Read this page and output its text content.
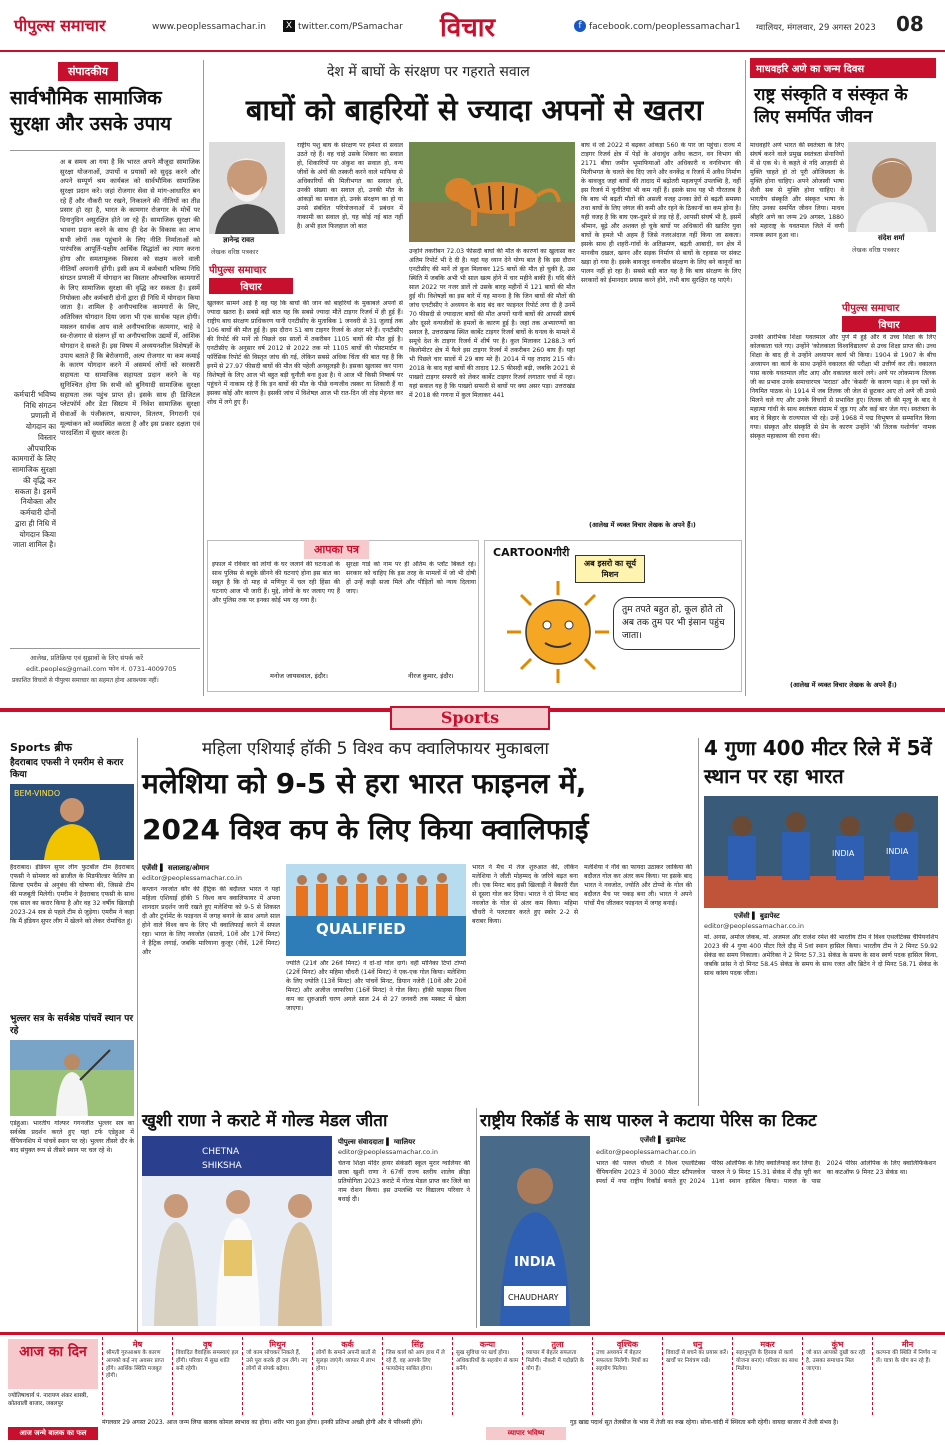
पीपुल्स समाचार	www.peoplessamachar.in	X twitter.com/PSamachar विचार	f facebook.com/peoplessamachar1 ग्वालियर, मंगलवार, 29 अगस्त 2023 08
संपादकीय
सार्वभौमिक सामाजिक सुरक्षा और उसके उपाय
अ ब समय आ गया है कि भारत अपने मौजूदा सामाजिक सुरक्षा योजनाओं, उपायों व प्रयासों को सुदृढ़ करने और अपने सम्पूर्ण श्रम कार्यबल को सार्वभौमिक सामाजिक सुरक्षा प्रदान करे। जहां रोजगार सेवा से मांग-आधारित बन रहे हैं और नौकरी पर रखने, निकालने की नीतियों का तीव्र प्रसार हो रहा है, भारत के कामगार रोजगार के मोर्चे पर दिनानुदिन असुरक्षित होते जा रहे हैं। सामाजिक सुरक्षा की भावना प्रदान करने के साथ ही देश के विकास का लाभ सभी लोगों तक पहुंचाने के लिए नीति निर्माताओं को पारंपरिक आपूर्ति-पक्षीय आर्थिक सिद्धांतों का त्याग करना होगा और समतामूलक विकास को सक्षम करने वाली नीतियाँ अपनानी होंगी। इसी क्रम में कर्मचारी भविष्य निधि संगठन प्रणाली में योगदान का विस्तार औपचारिक कामगारों के लिए सामाजिक सुरक्षा की वृद्धि कर सकता है। इसमें नियोक्ता और कर्मचारी दोनों द्वारा ही निधि में योगदान किया जाता है। शामिल है अनौपचारिक कामगारों के लिए, अतिरिक्त योगदान दिया जाना भी एक सार्थक पहल होगी। मसलन सार्थक आय वाले अनौपचारिक कामगार, चाहे वे स्व-रोजगार से संलग्न हों या अनौपचारिक उद्यमों में, आंशिक योगदान दे सकते हैं। इस विषय में अध्ययनशील विशेषज्ञों के उपाय बताते हैं कि बेरोजगारी, अल्प रोजगार या कम कमाई के कारण योगदान करने में असमर्थ लोगों को सरकारी सहायता या सामाजिक सहायता प्रदान करने के यह सुनिश्चित होगा कि सभी को बुनियादी सामाजिक सुरक्षा सहायता तक पहुंच प्राप्त हो। इसके साथ ही डिजिटल प्लेटफॉर्म और डेटा सिस्टम में निवेश सामाजिक सुरक्षा सेवाओं के पंजीकरण, सत्यापन, वितरण, निगरानी एवं मूल्यांकन को व्यवस्थित करता है और इस प्रकार दक्षता एवं पारदर्शिता में सुधार करता है।
कर्मचारी भविष्य निधि संगठन प्रणाली में योगदान का विस्तार औपचारिक कामगारों के लिए सामाजिक सुरक्षा की वृद्धि कर सकता है। इसमें नियोक्ता और कर्मचारी दोनों द्वारा ही निधि में योगदान किया जाता शामिल है।
आलेख, प्रतिक्रिया एवं सुझावों के लिए संपर्क करें
edit.peoples@gmail.com फोन नं. 0731-4009705
प्रकाशित विचारों से पीपुल्स समाचार का सहमत होना आवश्यक नहीं।
देश में बाघों के संरक्षण पर गहराते सवाल
बाघों को बाहरियों से ज्यादा अपनों से खतरा
ज्ञानेन्द्र रावत
लेखक वरिष्ठ पत्रकार
पीपुल्स समाचार
विचार
राष्ट्रीय पशु बाघ के संरक्षण पर हमेशा से सवाल उठते रहे हैं। वह चाहे उसके शिकार का सवाल हो, शिकारियों पर अंकुश का सवाल हो, वन्य जीवों के अंगों की तस्करी करने वाले माफिया से अधिकारियों की मिलीभगत का सवाल हो, उनकी संख्या का सवाल हो, उनकी मौत के आंकड़ों का सवाल हो, उनके संरक्षण का हो या उनसे संबंधित परियोजनाओं में प्रबंधन में नाकामी का सवाल हो, यह कोई नई बात नहीं है। अभी हाल फिलहाल जो बात
खुलकर सामने आई है वह यह कि बाघों की जान को बाहरियों के मुकाबले अपनों से ज्यादा खतरा है। सबसे बड़ी बात यह कि सबसे ज्यादा मौतें टाइगर रिजर्व में ही हुई हैं। राष्ट्रीय बाघ संरक्षण प्राधिकरण यानी एनटीसीए के मुताबिक 1 जनवरी से 31 जुलाई तक 106 बाघों की मौत हुई है। इस दौरान 51 बाघ टाइगर रिजर्व के अंदर मरे हैं। एनटीसीए की रिपोर्ट की मानें तो पिछले दस सालों में तकरीबन 1105 बाघों की मौत हुई है। एनटीसीए के अनुसार वर्ष 2012 से 2022 तक मरे 1105 बाघों की पोस्टमार्टम व फॉरेंसिक रिपोर्ट की विस्तृत जांच की गई, लेकिन सबसे अधिक चिंता की बात यह है कि इनमें से 27.97 फीसदी बाघों की मौत की पहेली अनसुलझी है। इसका खुलासा कर पाना विशेषज्ञों के लिए आज भी बहुत बड़ी चुनौती बना हुआ है। ये आज भी किसी निष्कर्ष पर पहुंचने में नाकाम रहे हैं कि इन बाघों की मौत के पीछे वन्यजीव तस्कर या शिकारी हैं या इसका कोई और कारण है। इसकी जांच में विशेषज्ञ आज भी रात-दिन जी तोड़ मेहनत कर शोध में लगे हुए हैं।
उन्होंने तकरीबन 72.03 फीसदी बाघों की मौत के कारणों का खुलासा कर अंतिम रिपोर्ट भी दे दी है। यहां यह ध्यान देने योग्य बात है कि इस दौरान एनटीसीए की मानें तो कुल मिलाकर 125 बाघों की मौत हो चुकी है, उस स्थिति में जबकि अभी भी साल खत्म होने में चार महीने बाकी हैं। यदि बीते साल 2022 पर नजर डालें तो उसके बारह महीनों में 121 बाघों की मौत हुई थी। विशेषज्ञों का इस बारे में यह मानना है कि जिन बाघों की मौतों की जांच एनटीसीए ने अध्ययन के बाद बंद कर फाइनल रिपोर्ट लगा दी है उनमें 70 फीसदी से ज्यादातर बाघों की मौत अपनों यानी बाघों की आपसी संघर्ष और दूसरे वन्यजीवों के हमलों के कारण हुई है। जहां तक अभ्यारण्यों का सवाल है, उत्तराखण्ड स्थित कार्बेट टाइगर रिजर्व बाघों के घनत्व के मामले में समूचे देश के टाइगर रिजर्व में शीर्ष पर है। कुल मिलाकर 1288.3 वर्ग किलोमीटर क्षेत्र में फैले इस टाइगर रिजर्व में तकरीबन 260 बाघ हैं। यहां भी पिछले चार सालों में 29 बाघ मरे हैं। 2014 में यह तादाद 215 थी। 2018 के बाद यहां बाघों की तादाद 12.5 फीसदी बढ़ी, जबकि 2021 से पाखरो टाइगर सफारी को लेकर कार्बेट टाइगर रिजर्व लगातार चर्चा में रहा। यहां सवाल यह है कि पाखरो सफारी से बाघों पर क्या असर पड़ा। उत्तराखंड में 2018 की गणना में कुल मिलाकर 441
बाघ थे जो 2022 में बढ़कर आंकड़ा 560 के पार जा पहुंचा। राज्य में टाइगर रिजर्व क्षेत्र में पेड़ों के अंधाधुंध अवैध कटान, वन विभाग की 2171 बीघा जमीन भूमाफियाओं और अधिकारी व वनविभाग की मिलीभगत के चलते बेच दिए जाने और वनकेंद्र व रिजर्व में अवैध निर्माण के बावजूद जहां बाघों की तादाद में बढ़ोतरी महत्वपूर्ण उपलब्धि है, वहीं इस रिजर्व में चुनौतियां भी कम नहीं हैं। इसके साथ यह भी गौरतलब है कि बाघ भी बढ़ती मौतों की असली वजह उनका डेरों से बढ़ती समस्या तथा बाघों के लिए जंगल की कमी और रहने के ठिकानों का कम होना है। यही वजह है कि बाघ एक-दूसरे से लड़ रहे हैं, आपसी संघर्ष भी है, इसमें श्रीमान, बूढ़े और अशक्त हो चुके बाघों पर अधिकारों की खातिर युवा बाघों के हमले भी अहम हैं जिसे नजरअंदाज नहीं किया जा सकता। इसके साथ ही शहरी-गांवों के अतिक्रमण, बढ़ती आबादी, वन क्षेत्र में मानवीय दखल, खनन और सड़क निर्माण से बाघों के रहवास पर संकट खड़ा हो गया है। इसके बावजूद वन्यजीव संरक्षण के लिए बने कानूनों का पालन नहीं हो रहा है। सबसे बड़ी बात यह है कि बाघ संरक्षण के लिए सरकारों को ईमानदार प्रयास करने होंगे, तभी बाघ सुरक्षित रह पाएंगे।
(आलेख में व्यक्त विचार लेखक के अपने हैं।)
आपका पत्र
इफाल में रविवार को लोगों के घर जलाने की घटनाओं के साथ पुलिस से बदूके छीनने की घटनाएं होना इस बात का सबूत है कि दो माह से मणिपुर में चल रही हिंसा की घटनाएं आज भी जारी हैं। मुद्दे, लोगों के घर जलाए गए हैं और पुलिस तक पर इनका कोई भय रह गया है।
मनोज जायसवाल, इंदौर।
सुरक्षा गार्ड को नाम पर ही अंतिम के प्लॉट बिकते रहे। सरकार को चाहिए कि इस तरह के मामलों में जो भी दोषी हों उन्हें कड़ी सजा मिले और पीड़ितों को न्याय दिलाया जाए।
नीरज कुमार, इंदौर।
CARTOONगीरी
अब इसरो का सूर्य मिशन
तुम तपते बहुत हो, कूल होते तो अब तक तुम पर भी इंसान पहुंच जाता।
माधवहरि अणे का जन्म दिवस
राष्ट्र संस्कृति व संस्कृत के लिए समर्पित जीवन
माधवहरि अणे भारत की स्वतंत्रता के लिए संघर्ष करने वाले प्रमुख स्वतंत्रता सेनानियों में से एक थे। वे कहते थे नदि आज़ादी से मुक्ति चाहते हो तो पूरी ओजिस्वता के मुक्ति होना चाहिए। अपने ओजस्वी भाषा शैली सब से मुक्ति होना चाहिए। वे भारतीय संस्कृति और संस्कृत भाषा के लिए उनका समर्पित जीवन लिया। माधव श्रीहरि अणे का जन्म 29 अगस्त, 1880 को महाराष्ट्र के यवतमाल जिले में वणी नामक स्थान हुआ था।	संदेश शर्मा
लेखक वरिष्ठ पत्रकार
पीपुल्स समाचार
विचार
उनकी आरंभिक शिक्षा यवतमाल और पुणे में हुई और वे उच्च शिक्षा के लिए कोलकाता चले गए। उन्होंने 'कोलकाता विश्वविद्यालय' से उच्च शिक्षा प्राप्त की। उच्च शिक्षा के बाद ही वे उन्होंने अध्यापन कार्य भी किया। 1904 से 1907 के बीच अध्यापन का कार्य के साथ उन्होंने वकालत की परीक्षा भी उत्तीर्ण कर ली। वकालत पास करके यवतमाल लौट आए और वकालत करने लगे। अणे पर लोकमान्य तिलक जी का प्रभाव उनके समाचारपत्र 'मराठा' और 'केसरी' के कारण पड़ा। वे इन पत्रों के नियमित पाठक थे। 1914 में जब तिलक जी जेल से छूटकर आए तो अणे जी उनसे मिलने चले गए और उनके विचारों से प्रभावित हुए। तिलक जी की मृत्यु के बाद वे महात्मा गांधी के साथ स्वतंत्रता संग्राम में जुड़ गए और कई बार जेल गए। स्वतंत्रता के बाद वे बिहार के राज्यपाल भी रहे। उन्हें 1968 में पद्म विभूषण से सम्मानित किया गया। संस्कृत और संस्कृति से प्रेम के कारण उन्होंने 'श्री तिलक यशोर्णव' नामक संस्कृत महाकाव्य की रचना की।
(आलेख में व्यक्त विचार लेखक के अपने हैं।)
Sports
Sports ब्रीफ
हैदराबाद एफसी ने एमरीम से करार किया
BEM-VINDO
हैदराबाद। इंडियन सुपर लीग फुटबॉल टीम हैदराबाद एफसी ने सोमवार को ब्राजील के मिडफील्डर फेलिप डा सिल्वा एमरीम से अनुबंध की घोषणा की, जिससे टीम की मजबूती मिलेगी। एमरीम ने हैदराबाद एफसी के साथ एक साल का करार किया है और वह 32 वर्षीय खिलाड़ी 2023-24 सत्र से पहले टीम से जुड़ेगा। एमरीम ने कहा कि मैं इंडियन सुपर लीग में खेलने को लेकर रोमांचित हूं।
भुल्लर सत्र के सर्वश्रेष्ठ पांचवें स्थान पर रहे
एडेहुआ। भारतीय गोल्फर गगनजीत भुल्लर सत्र का सर्वश्रेष्ठ प्रदर्शन करते हुए यहां टर्फ एडेहुआ में चैंपियनशिप में पांचवें स्थान पर रहे। भुल्लर तीसरे दौर के बाद संयुक्त रूप से तीसरे स्थान पर चल रहे थे।
महिला एशियाई हॉकी 5 विश्व कप क्वालिफायर मुकाबला
मलेशिया को 9-5 से हरा भारत फाइनल में,
2024 विश्व कप के लिए किया क्वालिफाई
एजेंसी ▌ सलालाह/ओमान
editor@peoplessamachar.co.in
कप्तान नवजोत कौर की हैट्रिक की बदौलत भारत ने यहां महिला एशियाई हॉकी 5 विश्व कप क्वालिफायर में अपना शानदार प्रदर्शन जारी रखते हुए मलेशिया को 9-5 से शिकस्त दी और टूर्नामेंट के फाइनल में जगह बनाने के साथ अगले साल होने वाले विश्व कप के लिए भी क्वालिफाई करने में सफल रहा। भारत के लिए नवजोत (सातवें, 10वें और 17वें मिनट) ने हैट्रिक लगाई, जबकि मारियाना कुजूर (नौवें, 12वें मिनट) और
QUALIFIED
ज्योति (21वें और 26वें मिनट) ने दो-दो गोल दागे। वहीं मोनिका टिपो टोप्पो (22वें मिनट) और महिमा चौधरी (14वें मिनट) ने एक-एक गोल किया। मलेशिया के लिए ज्योति (13वें मिनट) और पांचवें मिनट, डियान नजेरी (10वें और 20वें मिनट) और अजीज जाफरिया (16वें मिनट) ने गोल किए। हॉकी फाइव्स विश्व कप का शुरुआती चरण अगले साल 24 से 27 जनवरी तक मस्कट में खेला जाएगा।
भारत ने मैच में तेज शुरुआत की, लेकिन मलेशिया ने जीती मोहम्मद के जरिये बढ़त बना ली। एक मिनट बाद इसी खिलाड़ी ने बैकारी रील से दूसरा गोल कर दिया। भारत ने दो मिनट बाद नवजोत के गोल से अंतर कम किया। महिमा चौधरी ने पलटवार करते हुए स्कोर 2-2 से बराबर किया।
मलेशिया ने नौंवे का फायदा उठाकर जाकिया की बदौलत गोल कर अंतर कम किया। पर इसके बाद भारत ने नवजोत, ज्योति और टोप्पो के गोल की बदौलत मैच पर पकड़ बना ली। भारत ने अपने पांचों मैच जीतकर फाइनल में जगह बनाई।
4 गुणा 400 मीटर रिले में 5वें स्थान पर रहा भारत
INDIA	INDIA
एजेंसी ▌ बुडापेस्ट
editor@peoplessamachar.co.in
मो. अनस, अमोज जेकब, मो. अजमल और राजेश रमेश की भारतीय टीम ने विश्व एथलेटिक्स चैंपियनशिप 2023 की 4 गुणा 400 मीटर रिले दौड़ में 5वां स्थान हासिल किया। भारतीय टीम ने 2 मिनट 59.92 सेकंड का समय निकाला। अमेरिका ने 2 मिनट 57.31 सेकंड के समय के साथ स्वर्ण पदक हासिल किया, जबकि फ्रांस ने दो मिनट 58.45 सेकंड के समय के साथ रजत और ब्रिटेन ने दो मिनट 58.71 सेकंड के साथ कांस्य पदक जीता।
खुशी राणा ने कराटे में गोल्ड मेडल जीता
CHETNA
SHIKSHA
पीपुल्स संवाददाता ▌ ग्वालियर
editor@peoplessamachar.co.in
चेतना शिक्षा मंदिर हायर सेकंडरी स्कूल मुरार ग्वालियर की छात्रा खुशी राणा ने 67वीं राज्य स्तरीय शालेय क्रीड़ा प्रतियोगिता 2023 कराटे में गोल्ड मेडल प्राप्त कर जिले का नाम रोशन किया। इस उपलब्धि पर विद्यालय परिवार ने बधाई दी।
राष्ट्रीय रिकॉर्ड के साथ पारुल ने कटाया पेरिस का टिकट
INDIA
CHAUDHARY
एजेंसी ▌ बुडापेस्ट
editor@peoplessamachar.co.in
भारत की पारुल चौधरी ने विश्व एथलेटिक्स चैंपियनशिप 2023 में 3000 मीटर स्टीपलचेज स्पर्धा में नया राष्ट्रीय रिकॉर्ड बनाते हुए 2024 पेरिस ओलंपिक के लिए क्वालिफाई कर लिया है। पारुल ने 9 मिनट 15.31 सेकंड में दौड़ पूरी कर 11वां स्थान हासिल किया। पारुल के पास 2024 पेरिस ओलंपिक के लिए क्वालिफिकेशन का कटऑफ 9 मिनट 23 सेकंड था।
आज का दिन
ज्योतिषाचार्य पं. नारायण शंकर शास्त्री, कोतवाली बाजार, जबलपुर
मेष
श्रीमती गुरुआश्रय के कारण आपको कई नए अवसर प्राप्त होंगे। आर्थिक स्थिति मजबूत होगी।
वृष
विवादित वैवाहिक समस्याएं हल होंगी। परिवार में सुख शांति बनी रहेगी।
मिथुन
जो काम सोचकर निकले हैं, उसे पूरा करके ही दम लेंगे। नए लोगों से संपर्क बढ़ेगा।
कर्क
लोगों के समाने अपनी बातों से सुलझ जाएंगे। व्यापार में लाभ होगा।
सिंह
जिस कार्य को आप हाथ में ले रहे हैं, वह आपके लिए फायदेमंद साबित होगा।
कन्या
सुख सुविधा पर खर्च होगा। अधिकारियों के सहयोग से काम बनेंगे।
तुला
व्यापार में बेहतर सफलता मिलेगी। नौकरी में पदोन्नति के योग हैं।
वृश्चिक
उच्च अध्ययन में बेहतर सफलता मिलेगी। मित्रों का सहयोग मिलेगा।
धनु
विवादों से बचने का प्रयास करें। खर्चों पर नियंत्रण रखें।
मकर
सहानुभूति के हिसाब से कार्य योजना बनाएं। परिवार का साथ मिलेगा।
कुंभ
जो बात आपको दुखी कर रही है, उसका समाधान मिल जाएगा।
मीन
कल्पना की स्थिति में निर्णय ना लें। यात्रा के योग बन रहे हैं।
आज जन्मे बालक का फल
मंगलवार 29 अगस्त 2023. आज जन्म लिया बालक कोमल स्वभाव का होगा। शरीर भरा हुआ होगा। इनकी प्रतिभा अच्छी होगी और ये परिश्रमी होंगे।
व्यापार भविष्य
गुड़ खाद्य पदार्थ सूत तेलबीज के भाव में तेजी का रुख रहेगा। सोना-चांदी में स्थिरता बनी रहेगी। वायदा बाजार में तेजी संभव है।
